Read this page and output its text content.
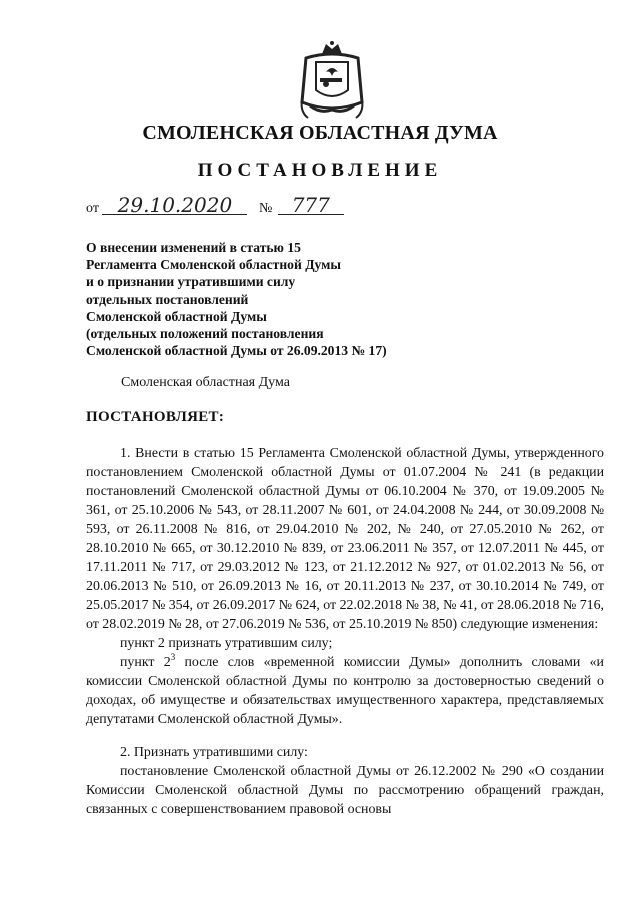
СМОЛЕНСКАЯ ОБЛАСТНАЯ ДУМА
ПОСТАНОВЛЕНИЕ
от 29.10.2020 № 777
О внесении изменений в статью 15
Регламента Смоленской областной Думы
и о признании утратившими силу
отдельных постановлений
Смоленской областной Думы
(отдельных положений постановления
Смоленской областной Думы от 26.09.2013 № 17)
Смоленская областная Дума
ПОСТАНОВЛЯЕТ:

1. Внести в статью 15 Регламента Смоленской областной Думы, утвержденного постановлением Смоленской областной Думы от 01.07.2004 № 241 (в редакции постановлений Смоленской областной Думы от 06.10.2004 № 370, от 19.09.2005 № 361, от 25.10.2006 № 543, от 28.11.2007 № 601, от 24.04.2008 № 244, от 30.09.2008 № 593, от 26.11.2008 № 816, от 29.04.2010 № 202, № 240, от 27.05.2010 № 262, от 28.10.2010 № 665, от 30.12.2010 № 839, от 23.06.2011 № 357, от 12.07.2011 № 445, от 17.11.2011 № 717, от 29.03.2012 № 123, от 21.12.2012 № 927, от 01.02.2013 № 56, от 20.06.2013 № 510, от 26.09.2013 № 16, от 20.11.2013 № 237, от 30.10.2014 № 749, от 25.05.2017 № 354, от 26.09.2017 № 624, от 22.02.2018 № 38, № 41, от 28.06.2018 № 716, от 28.02.2019 № 28, от 27.06.2019 № 536, от 25.10.2019 № 850) следующие изменения:

пункт 2 признать утратившим силу;

пункт $2^3$ после слов «временной комиссии Думы» дополнить словами «и комиссии Смоленской областной Думы по контролю за достоверностью сведений о доходах, об имуществе и обязательствах имущественного характера, представляемых депутатами Смоленской областной Думы».

2. Признать утратившими силу:

постановление Смоленской областной Думы от 26.12.2002 № 290 «О создании Комиссии Смоленской областной Думы по рассмотрению обращений граждан, связанных с совершенствованием правовой основы
